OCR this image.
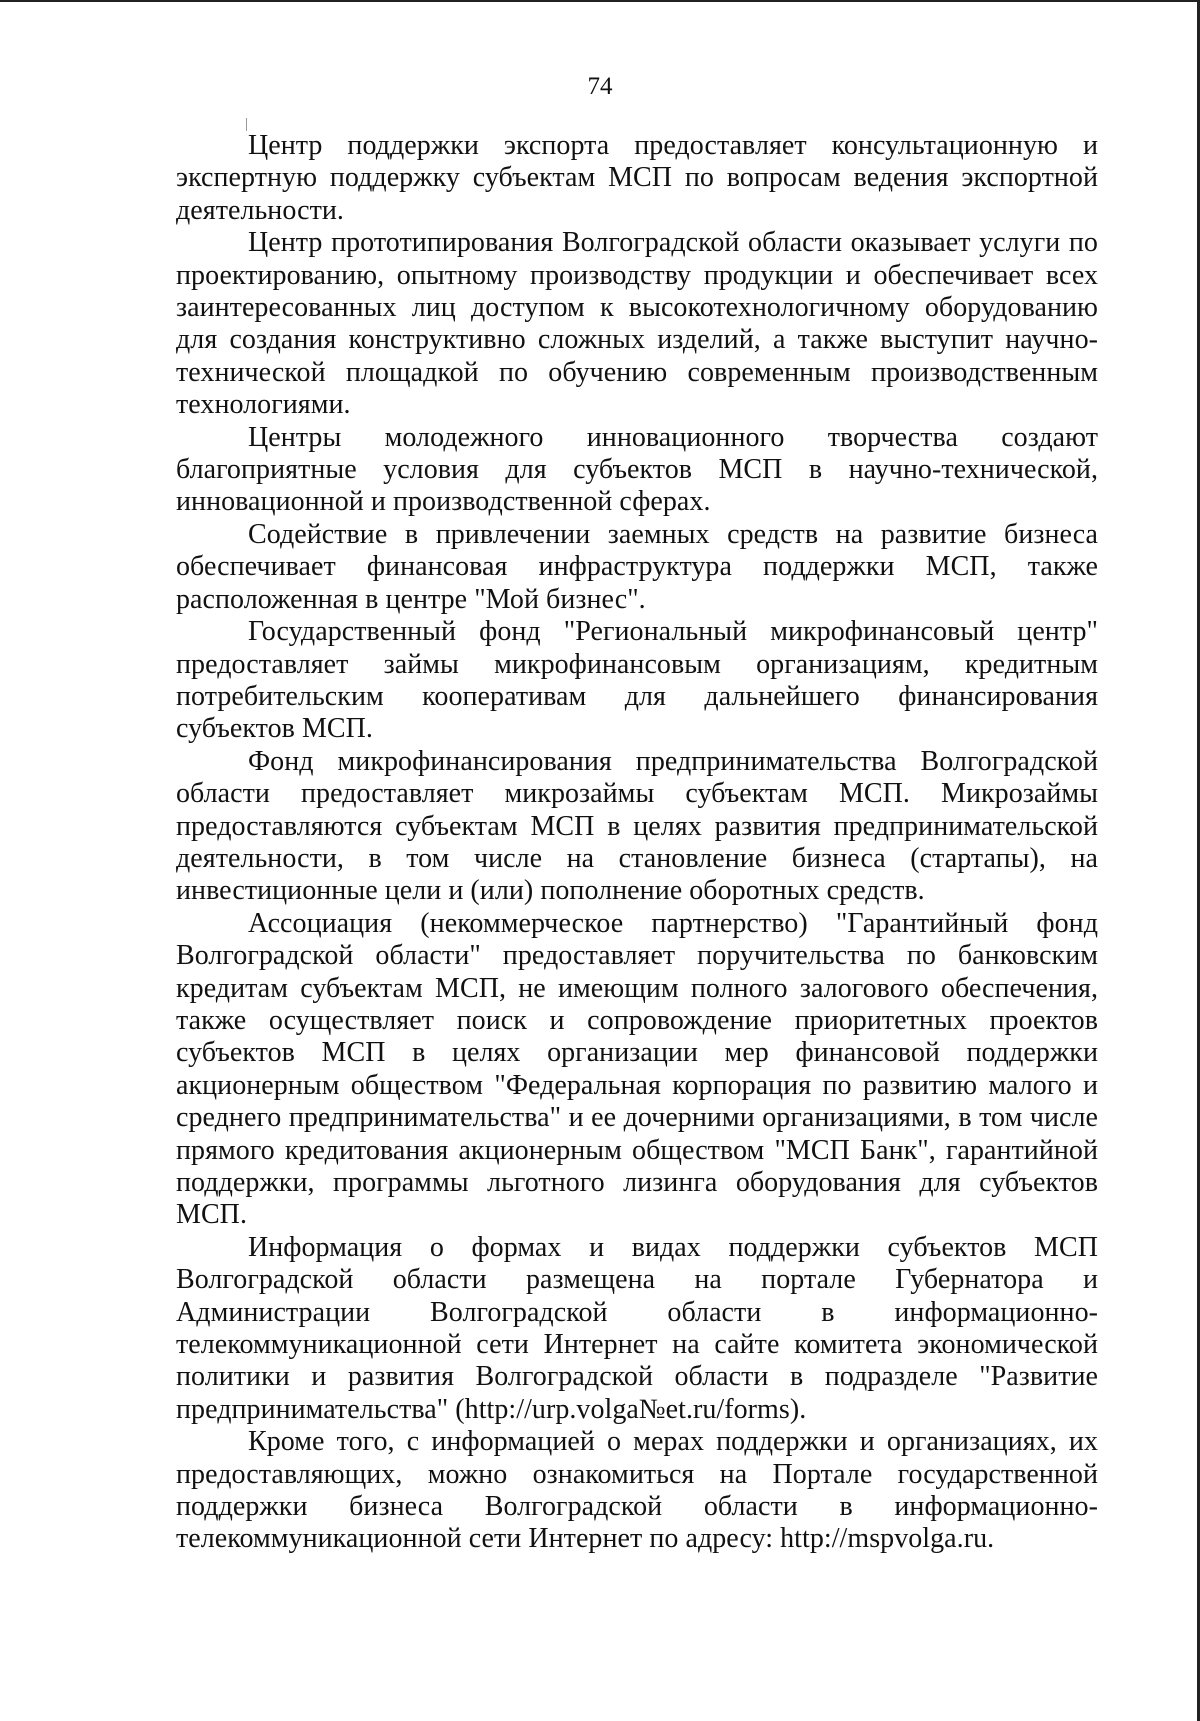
74

Центр поддержки экспорта предоставляет консультационную и экспертную поддержку субъектам МСП по вопросам ведения экспортной деятельности.

Центр прототипирования Волгоградской области оказывает услуги по проектированию, опытному производству продукции и обеспечивает всех заинтересованных лиц доступом к высокотехнологичному оборудованию для создания конструктивно сложных изделий, а также выступит научно-технической площадкой по обучению современным производственным технологиями.

Центры молодежного инновационного творчества создают благоприятные условия для субъектов МСП в научно-технической, инновационной и производственной сферах.

Содействие в привлечении заемных средств на развитие бизнеса обеспечивает финансовая инфраструктура поддержки МСП, также расположенная в центре "Мой бизнес".

Государственный фонд "Региональный микрофинансовый центр" предоставляет займы микрофинансовым организациям, кредитным потребительским кооперативам для дальнейшего финансирования субъектов МСП.

Фонд микрофинансирования предпринимательства Волгоградской области предоставляет микрозаймы субъектам МСП. Микрозаймы предоставляются субъектам МСП в целях развития предпринимательской деятельности, в том числе на становление бизнеса (стартапы), на инвестиционные цели и (или) пополнение оборотных средств.

Ассоциация (некоммерческое партнерство) "Гарантийный фонд Волгоградской области" предоставляет поручительства по банковским кредитам субъектам МСП, не имеющим полного залогового обеспечения, также осуществляет поиск и сопровождение приоритетных проектов субъектов МСП в целях организации мер финансовой поддержки акционерным обществом "Федеральная корпорация по развитию малого и среднего предпринимательства" и ее дочерними организациями, в том числе прямого кредитования акционерным обществом "МСП Банк", гарантийной поддержки, программы льготного лизинга оборудования для субъектов МСП.

Информация о формах и видах поддержки субъектов МСП Волгоградской области размещена на портале Губернатора и Администрации Волгоградской области в информационно-телекоммуникационной сети Интернет на сайте комитета экономической политики и развития Волгоградской области в подразделе "Развитие предпринимательства" (http://urp.volga№et.ru/forms).

Кроме того, с информацией о мерах поддержки и организациях, их предоставляющих, можно ознакомиться на Портале государственной поддержки бизнеса Волгоградской области в информационно-телекоммуникационной сети Интернет по адресу: http://mspvolga.ru.
